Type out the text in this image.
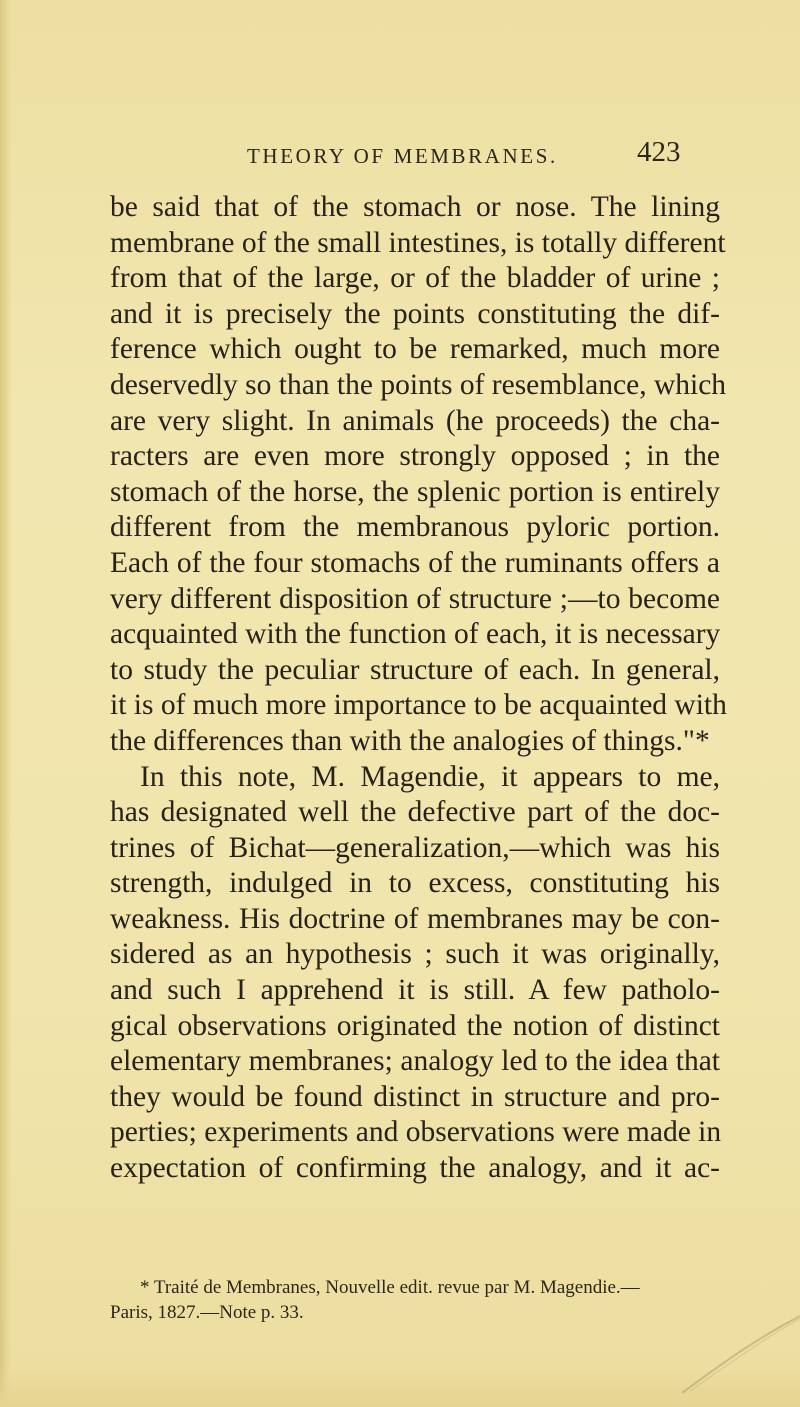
THEORY OF MEMBRANES.	423
be said that of the stomach or nose. The lining
membrane of the small intestines, is totally different
from that of the large, or of the bladder of urine ;
and it is precisely the points constituting the dif-
ference which ought to be remarked, much more
deservedly so than the points of resemblance, which
are very slight. In animals (he proceeds) the cha-
racters are even more strongly opposed ; in the
stomach of the horse, the splenic portion is entirely
different from the membranous pyloric portion.
Each of the four stomachs of the ruminants offers a
very different disposition of structure ;—to become
acquainted with the function of each, it is necessary
to study the peculiar structure of each. In general,
it is of much more importance to be acquainted with
the differences than with the analogies of things."*
In this note, M. Magendie, it appears to me,
has designated well the defective part of the doc-
trines of Bichat—generalization,—which was his
strength, indulged in to excess, constituting his
weakness. His doctrine of membranes may be con-
sidered as an hypothesis ; such it was originally,
and such I apprehend it is still. A few patholo-
gical observations originated the notion of distinct
elementary membranes; analogy led to the idea that
they would be found distinct in structure and pro-
perties; experiments and observations were made in
expectation of confirming the analogy, and it ac-
* Traité de Membranes, Nouvelle edit. revue par M. Magendie.—
Paris, 1827.—Note p. 33.
